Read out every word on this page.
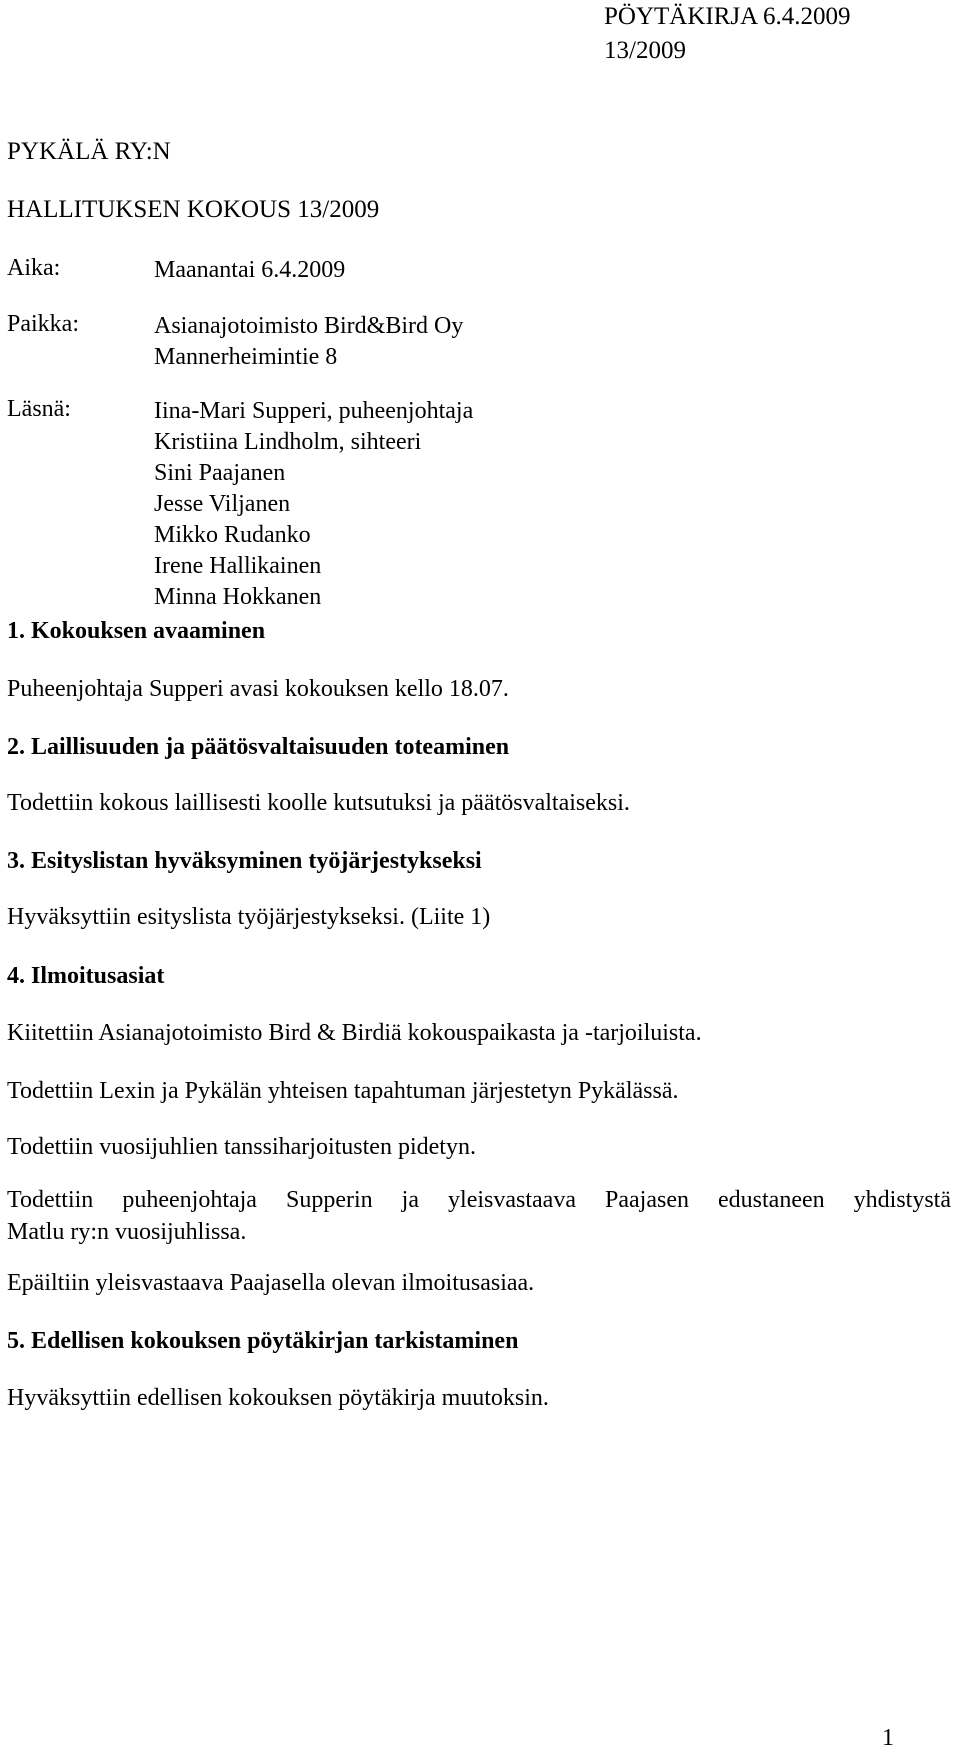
PÖYTÄKIRJA 6.4.2009
13/2009
PYKÄLÄ RY:N
HALLITUKSEN KOKOUS 13/2009
Aika:	Maanantai 6.4.2009
Paikka:	Asianajotoimisto Bird&Bird Oy
Mannerheimintie 8
Läsnä:	Iina-Mari Supperi, puheenjohtaja
Kristiina Lindholm, sihteeri
Sini Paajanen
Jesse Viljanen
Mikko Rudanko
Irene Hallikainen
Minna Hokkanen
1. Kokouksen avaaminen
Puheenjohtaja Supperi avasi kokouksen kello 18.07.
2. Laillisuuden ja päätösvaltaisuuden toteaminen
Todettiin kokous laillisesti koolle kutsutuksi ja päätösvaltaiseksi.
3. Esityslistan hyväksyminen työjärjestykseksi
Hyväksyttiin esityslista työjärjestykseksi. (Liite 1)
4. Ilmoitusasiat
Kiitettiin Asianajotoimisto Bird & Birdiä kokouspaikasta ja -tarjoiluista.
Todettiin Lexin ja Pykälän yhteisen tapahtuman järjestetyn Pykälässä.
Todettiin vuosijuhlien tanssiharjoitusten pidetyn.
Todettiin puheenjohtaja Supperin ja yleisvastaava Paajasen edustaneen yhdistystä
Matlu ry:n vuosijuhlissa.
Epäiltiin yleisvastaava Paajasella olevan ilmoitusasiaa.
5. Edellisen kokouksen pöytäkirjan tarkistaminen
Hyväksyttiin edellisen kokouksen pöytäkirja muutoksin.
1
